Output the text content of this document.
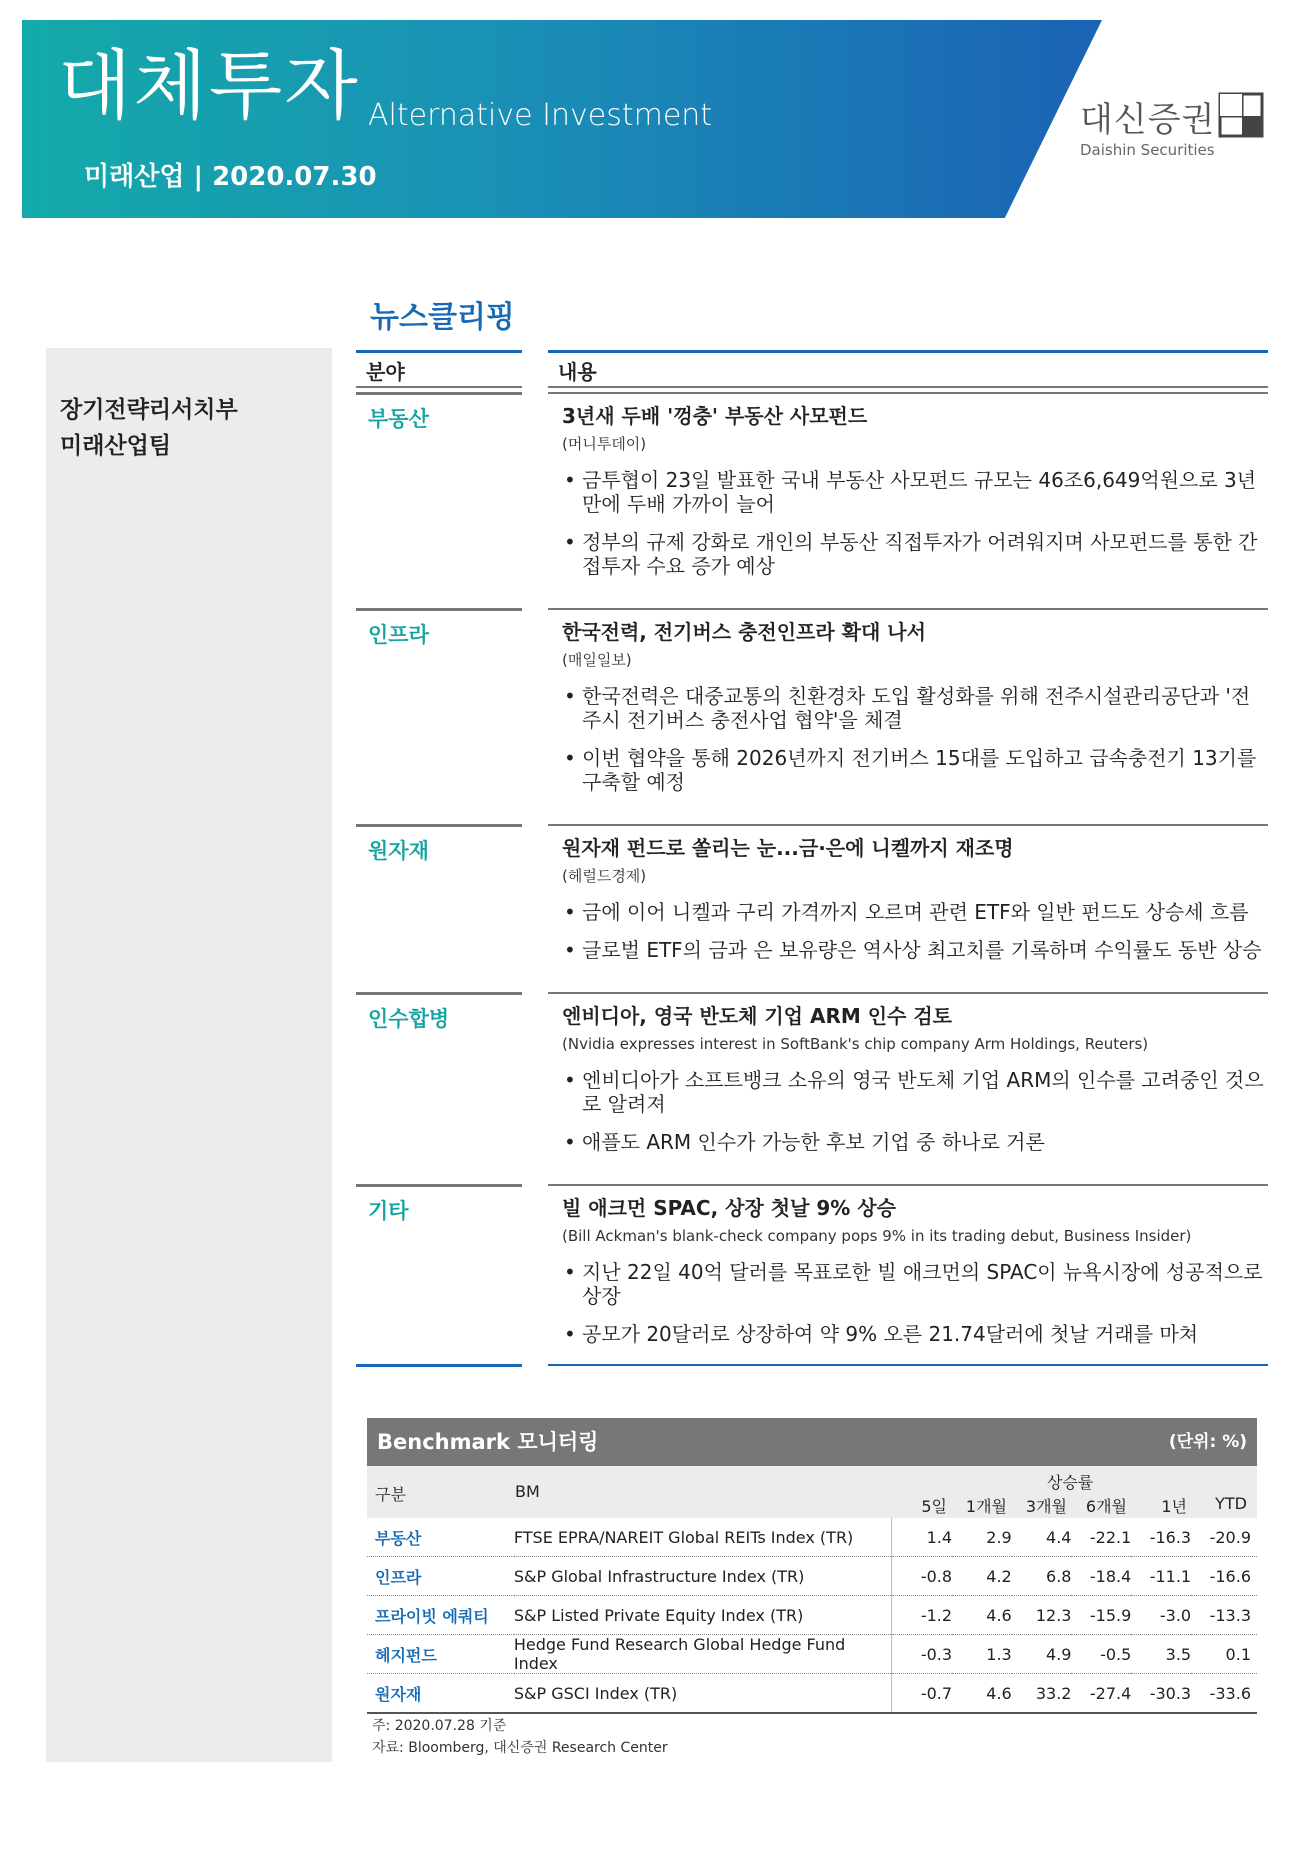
대체투자 Alternative Investment
미래산업 | 2020.07.30
대신증권
Daishin Securities
장기전략리서치부
미래산업팀
뉴스클리핑
분야	내용
부동산	3년새 두배 '껑충' 부동산 사모펀드
(머니투데이)
• 금투협이 23일 발표한 국내 부동산 사모펀드 규모는 46조6,649억원으로 3년만에 두배 가까이 늘어
• 정부의 규제 강화로 개인의 부동산 직접투자가 어려워지며 사모펀드를 통한 간접투자 수요 증가 예상
인프라	한국전력, 전기버스 충전인프라 확대 나서
(매일일보)
• 한국전력은 대중교통의 친환경차 도입 활성화를 위해 전주시설관리공단과 '전주시 전기버스 충전사업 협약'을 체결
• 이번 협약을 통해 2026년까지 전기버스 15대를 도입하고 급속충전기 13기를 구축할 예정
원자재	원자재 펀드로 쏠리는 눈...금·은에 니켈까지 재조명
(헤럴드경제)
• 금에 이어 니켈과 구리 가격까지 오르며 관련 ETF와 일반 펀드도 상승세 흐름
• 글로벌 ETF의 금과 은 보유량은 역사상 최고치를 기록하며 수익률도 동반 상승
인수합병	엔비디아, 영국 반도체 기업 ARM 인수 검토
(Nvidia expresses interest in SoftBank's chip company Arm Holdings, Reuters)
• 엔비디아가 소프트뱅크 소유의 영국 반도체 기업 ARM의 인수를 고려중인 것으로 알려져
• 애플도 ARM 인수가 가능한 후보 기업 중 하나로 거론
기타	빌 애크먼 SPAC, 상장 첫날 9% 상승
(Bill Ackman's blank-check company pops 9% in its trading debut, Business Insider)
• 지난 22일 40억 달러를 목표로한 빌 애크먼의 SPAC이 뉴욕시장에 성공적으로 상장
• 공모가 20달러로 상장하여 약 9% 오른 21.74달러에 첫날 거래를 마쳐
Benchmark 모니터링	(단위: %)
구분	BM	상승률
5일 1개월 3개월 6개월 1년 YTD
부동산	FTSE EPRA/NAREIT Global REITs Index (TR)	1.4	2.9	4.4	-22.1	-16.3	-20.9
인프라	S&P Global Infrastructure Index (TR)	-0.8	4.2	6.8	-18.4	-11.1	-16.6
프라이빗 에쿼티	S&P Listed Private Equity Index (TR)	-1.2	4.6	12.3	-15.9	-3.0	-13.3
헤지펀드	Hedge Fund Research Global Hedge Fund Index	-0.3	1.3	4.9	-0.5	3.5	0.1
원자재	S&P GSCI Index (TR)	-0.7	4.6	33.2	-27.4	-30.3	-33.6
주: 2020.07.28 기준
자료: Bloomberg, 대신증권 Research Center
